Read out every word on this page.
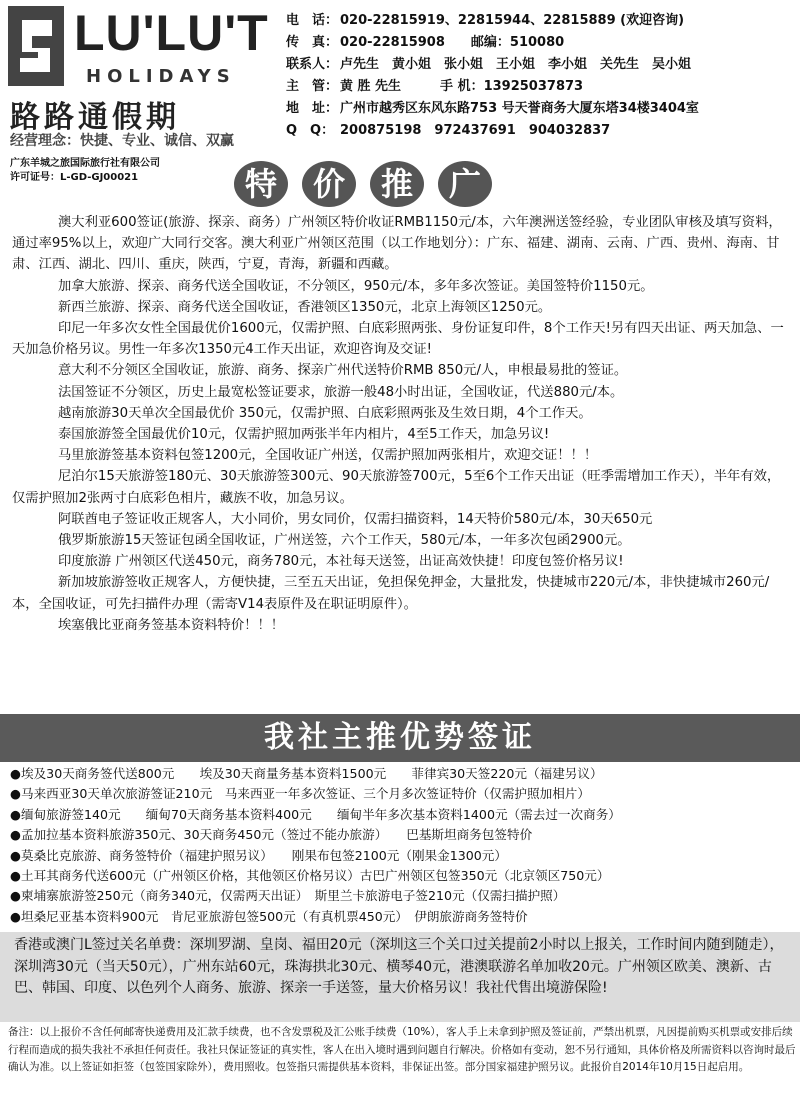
LU'LU'T
HOLIDAYS
路路通假期
经营理念：快捷、专业、诚信、双赢
广东羊城之旅国际旅行社有限公司
许可证号：L-GD-GJ00021
电　话： 020-22815919、22815944、22815889 (欢迎咨询)
传　真： 020-22815908　　邮编：510080
联系人： 卢先生　黄小姐　张小姐　王小姐　李小姐　关先生　吴小姐
主　管： 黄 胜 先生　　　手 机：13925037873
地　址： 广州市越秀区东风东路753 号天誉商务大厦东塔34楼3404室
Q　Q： 200875198　972437691　904032837
特	价	推	广

澳大利亚600签证(旅游、探亲、商务）广州领区特价收证RMB1150元/本，六年澳洲送签经验，专业团队审核及填写资料，通过率95%以上，欢迎广大同行交客。澳大利亚广州领区范围（以工作地划分）：广东、福建、湖南、云南、广西、贵州、海南、甘肃、江西、湖北、四川、重庆，陕西，宁夏，青海，新疆和西藏。

加拿大旅游、探亲、商务代送全国收证，不分领区，950元/本，多年多次签证。美国签特价1150元。

新西兰旅游、探亲、商务代送全国收证，香港领区1350元，北京上海领区1250元。

印尼一年多次女性全国最优价1600元，仅需护照、白底彩照两张、身份证复印件，8个工作天!另有四天出证、两天加急、一天加急价格另议。男性一年多次1350元4工作天出证，欢迎咨询及交证!

意大利不分领区全国收证，旅游、商务、探亲广州代送特价RMB 850元/人，申根最易批的签证。

法国签证不分领区，历史上最宽松签证要求，旅游一般48小时出证，全国收证，代送880元/本。

越南旅游30天单次全国最优价 350元，仅需护照、白底彩照两张及生效日期，4个工作天。

泰国旅游签全国最优价10元，仅需护照加两张半年内相片，4至5工作天，加急另议!

马里旅游签基本资料包签1200元，全国收证广州送，仅需护照加两张相片，欢迎交证！！！

尼泊尔15天旅游签180元、30天旅游签300元、90天旅游签700元，5至6个工作天出证（旺季需增加工作天），半年有效，仅需护照加2张两寸白底彩色相片，藏族不收，加急另议。

阿联酋电子签证收正规客人，大小同价，男女同价，仅需扫描资料，14天特价580元/本，30天650元

俄罗斯旅游15天签证包函全国收证，广州送签，六个工作天，580元/本，一年多次包函2900元。

印度旅游 广州领区代送450元，商务780元，本社每天送签，出证高效快捷！印度包签价格另议!

新加坡旅游签收正规客人，方便快捷，三至五天出证，免担保免押金，大量批发，快捷城市220元/本，非快捷城市260元/本，全国收证，可先扫描件办理（需寄V14表原件及在职证明原件）。

埃塞俄比亚商务签基本资料特价！！！

我社主推优势签证
●埃及30天商务签代送800元　　埃及30天商量务基本资料1500元　　菲律宾30天签220元（福建另议）
●马来西亚30天单次旅游签证210元　马来西亚一年多次签证、三个月多次签证特价（仅需护照加相片）
●缅甸旅游签140元　　缅甸70天商务基本资料400元　　缅甸半年多次基本资料1400元（需去过一次商务）
●孟加拉基本资料旅游350元、30天商务450元（签过不能办旅游）　　巴基斯坦商务包签特价
●莫桑比克旅游、商务签特价（福建护照另议）　　刚果布包签2100元（刚果金1300元）
●土耳其商务代送600元（广州领区价格，其他领区价格另议）古巴广州领区包签350元（北京领区750元）
●柬埔寨旅游签250元（商务340元，仅需两天出证）　斯里兰卡旅游电子签210元（仅需扫描护照）
●坦桑尼亚基本资料900元　肯尼亚旅游包签500元（有真机票450元）　伊朗旅游商务签特价

香港或澳门L签过关名单费：深圳罗湖、皇岗、福田20元（深圳这三个关口过关提前2小时以上报关，工作时间内随到随走），深圳湾30元（当天50元），广州东站60元，珠海拱北30元、横琴40元，港澳联游名单加收20元。广州领区欧美、澳新、古巴、韩国、印度、以色列个人商务、旅游、探亲一手送签，量大价格另议！我社代售出境游保险!

备注：以上报价不含任何邮寄快递费用及汇款手续费，也不含发票税及汇公账手续费（10%），客人手上未拿到护照及签证前，严禁出机票，凡因提前购买机票或安排后续行程而造成的损失我社不承担任何责任。我社只保证签证的真实性，客人在出入境时遇到问题自行解决。价格如有变动，恕不另行通知，具体价格及所需资料以咨询时最后确认为准。以上签证如拒签（包签国家除外），费用照收。包签指只需提供基本资料，非保证出签。部分国家福建护照另议。此报价自2014年10月15日起启用。
